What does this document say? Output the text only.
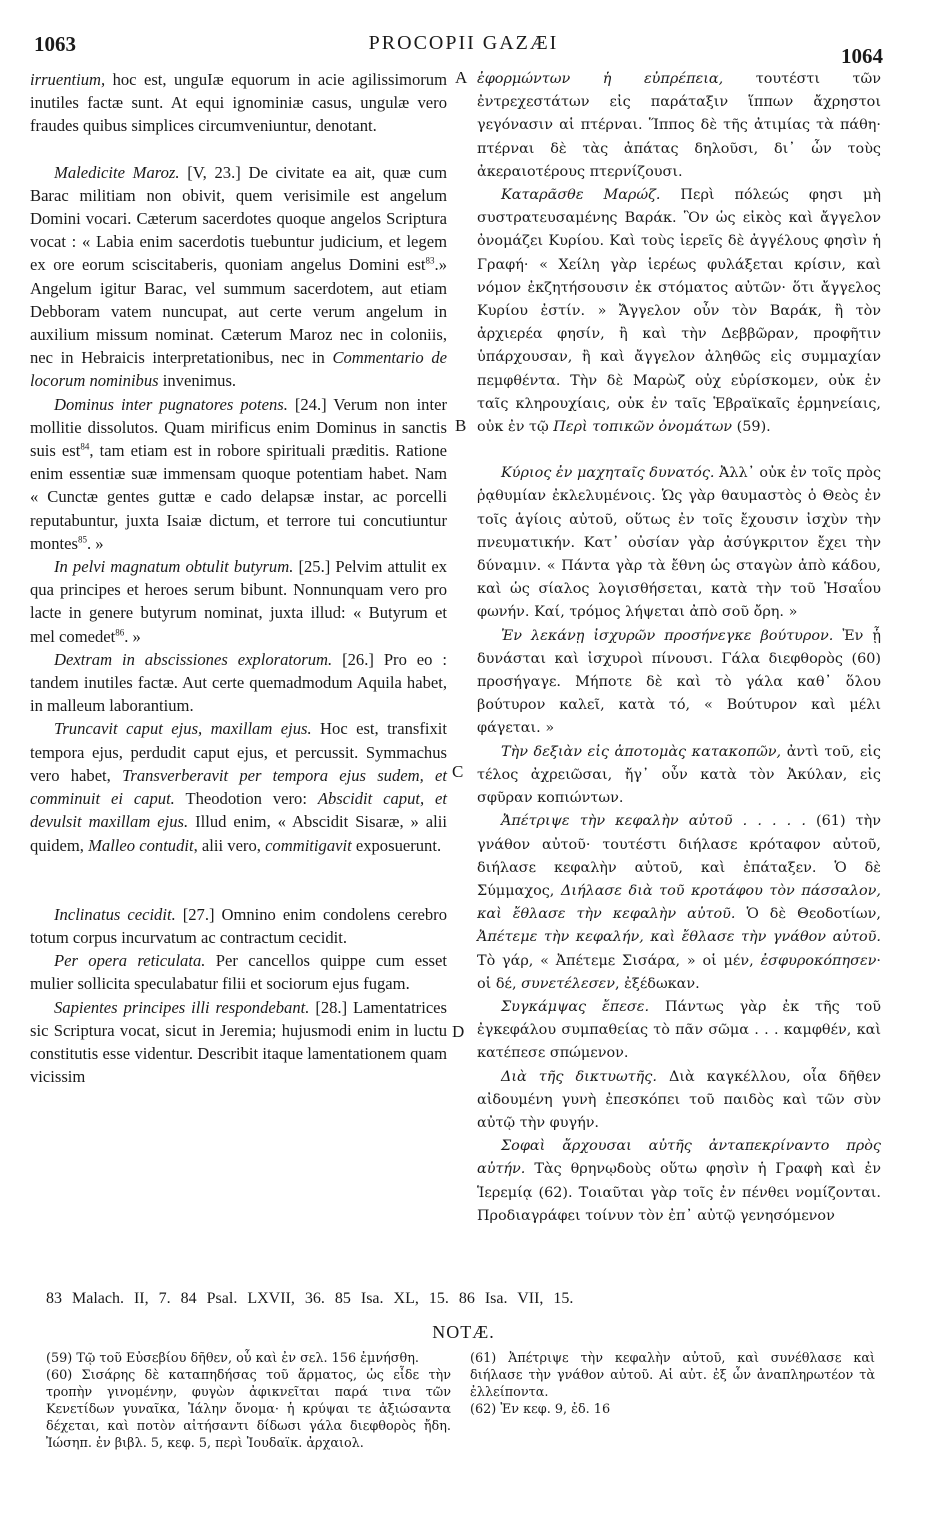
1063	PROCOPII GAZÆI
1064
A
B
C
D

irruentium, hoc est, unguIæ equorum in acie agilissimorum inutiles factæ sunt. At equi ignominiæ casus, ungulæ vero fraudes quibus simplices circumveniuntur, denotant.

Maledicite Maroz. [V, 23.] De civitate ea ait, quæ cum Barac militiam non obivit, quem verisimile est angelum Domini vocari. Cæterum sacerdotes quoque angelos Scriptura vocat : « Labia enim sacerdotis tuebuntur judicium, et legem ex ore eorum sciscitaberis, quoniam angelus Domini est$^{83}$.» Angelum igitur Barac, vel summum sacerdotem, aut etiam Debboram vatem nuncupat, aut certe verum angelum in auxilium missum nominat. Cæterum Maroz nec in coloniis, nec in Hebraicis interpretationibus, nec in Commentario de locorum nominibus invenimus.

Dominus inter pugnatores potens. [24.] Verum non inter mollitie dissolutos. Quam mirificus enim Dominus in sanctis suis est$^{84}$, tam etiam est in robore spirituali præditis. Ratione enim essentiæ suæ immensam quoque potentiam habet. Nam « Cunctæ gentes guttæ e cado delapsæ instar, ac porcelli reputabuntur, juxta Isaiæ dictum, et terrore tui concutiuntur montes$^{85}$. »

In pelvi magnatum obtulit butyrum. [25.] Pelvim attulit ex qua principes et heroes serum bibunt. Nonnunquam vero pro lacte in genere butyrum nominat, juxta illud: « Butyrum et mel comedet$^{86}$. »

Dextram in abscissiones exploratorum. [26.] Pro eo : tandem inutiles factæ. Aut certe quemadmodum Aquila habet, in malleum laborantium.

Truncavit caput ejus, maxillam ejus. Hoc est, transfixit tempora ejus, perdudit caput ejus, et percussit. Symmachus vero habet, Transverberavit per tempora ejus sudem, et comminuit ei caput. Theodotion vero: Abscidit caput, et devulsit maxillam ejus. Illud enim, « Abscidit Sisaræ, » alii quidem, Malleo contudit, alii vero, commitigavit exposuerunt.

Inclinatus cecidit. [27.] Omnino enim condolens cerebro totum corpus incurvatum ac contractum cecidit.

Per opera reticulata. Per cancellos quippe cum esset mulier sollicita speculabatur filii et sociorum ejus fugam.

Sapientes principes illi respondebant. [28.] Lamentatrices sic Scriptura vocat, sicut in Jeremia; hujusmodi enim in luctu constitutis esse videntur. Describit itaque lamentationem quam vicissim

ἐφορμώντων ἡ εὐπρέπεια, τουτέστι τῶν ἐντρεχεστάτων εἰς παράταξιν ἵππων ἄχρηστοι γεγόνασιν αἱ πτέρναι. Ἵππος δὲ τῆς ἀτιμίας τὰ πάθη· πτέρναι δὲ τὰς ἀπάτας δηλοῦσι, δι᾽ ὧν τοὺς ἀκεραιοτέρους πτερνίζουσι.

Καταρᾶσθε Μαρώζ. Περὶ πόλεώς φησι μὴ συστρατευσαμένης Βαράκ. Ὃν ὡς εἰκὸς καὶ ἄγγελον ὀνομάζει Κυρίου. Καὶ τοὺς ἱερεῖς δὲ ἀγγέλους φησὶν ἡ Γραφή· « Χείλη γὰρ ἱερέως φυλάξεται κρίσιν, καὶ νόμον ἐκζητήσουσιν ἐκ στόματος αὐτῶν· ὅτι ἄγγελος Κυρίου ἐστίν. » Ἄγγελον οὖν τὸν Βαράκ, ἢ τὸν ἀρχιερέα φησίν, ἢ καὶ τὴν Δεββῶραν, προφῆτιν ὑπάρχουσαν, ἢ καὶ ἄγγελον ἀληθῶς εἰς συμμαχίαν πεμφθέντα. Τὴν δὲ Μαρὼζ οὐχ εὑρίσκομεν, οὐκ ἐν ταῖς κληρουχίαις, οὐκ ἐν ταῖς Ἑβραϊκαῖς ἑρμηνείαις, οὐκ ἐν τῷ Περὶ τοπικῶν ὀνομάτων (59).

Κύριος ἐν μαχηταῖς δυνατός. Ἀλλ᾽ οὐκ ἐν τοῖς πρὸς ῥᾳθυμίαν ἐκλελυμένοις. Ὡς γὰρ θαυμαστὸς ὁ Θεὸς ἐν τοῖς ἁγίοις αὐτοῦ, οὕτως ἐν τοῖς ἔχουσιν ἰσχὺν τὴν πνευματικήν. Κατ᾽ οὐσίαν γὰρ ἀσύγκριτον ἔχει τὴν δύναμιν. « Πάντα γὰρ τὰ ἔθνη ὡς σταγὼν ἀπὸ κάδου, καὶ ὡς σίαλος λογισθήσεται, κατὰ τὴν τοῦ Ἡσαΐου φωνήν. Καί, τρόμος λήψεται ἀπὸ σοῦ ὄρη. »

Ἐν λεκάνῃ ἰσχυρῶν προσήνεγκε βούτυρον. Ἐν ᾗ δυνάσται καὶ ἰσχυροὶ πίνουσι. Γάλα διεφθορὸς (60) προσήγαγε. Μήποτε δὲ καὶ τὸ γάλα καθ᾽ ὅλου βούτυρον καλεῖ, κατὰ τό, « Βούτυρον καὶ μέλι φάγεται. »

Τὴν δεξιὰν εἰς ἀποτομὰς κατακοπῶν, ἀντὶ τοῦ, εἰς τέλος ἀχρειῶσαι, ἤγ᾽ οὖν κατὰ τὸν Ἀκύλαν, εἰς σφῦραν κοπιώντων.

Ἀπέτριψε τὴν κεφαλὴν αὐτοῦ . . . . . (61) τὴν γνάθον αὐτοῦ· τουτέστι διήλασε κρόταφον αὐτοῦ, διήλασε κεφαλὴν αὐτοῦ, καὶ ἐπάταξεν. Ὁ δὲ Σύμμαχος, Διήλασε διὰ τοῦ κροτάφου τὸν πάσσαλον, καὶ ἔθλασε τὴν κεφαλὴν αὐτοῦ. Ὁ δὲ Θεοδοτίων, Ἀπέτεμε τὴν κεφαλήν, καὶ ἔθλασε τὴν γνάθον αὐτοῦ. Τὸ γάρ, « Ἀπέτεμε Σισάρα, » οἱ μέν, ἐσφυροκόπησεν· οἱ δέ, συνετέλεσεν, ἐξέδωκαν.

Συγκάμψας ἔπεσε. Πάντως γὰρ ἐκ τῆς τοῦ ἐγκεφάλου συμπαθείας τὸ πᾶν σῶμα . . . καμφθέν, καὶ κατέπεσε σπώμενον.

Διὰ τῆς δικτυωτῆς. Διὰ καγκέλλου, οἷα δῆθεν αἰδουμένη γυνὴ ἐπεσκόπει τοῦ παιδὸς καὶ τῶν σὺν αὐτῷ τὴν φυγήν.

Σοφαὶ ἄρχουσαι αὐτῆς ἀνταπεκρίναντο πρὸς αὐτήν. Τὰς θρηνῳδοὺς οὕτω φησὶν ἡ Γραφὴ καὶ ἐν Ἱερεμίᾳ (62). Τοιαῦται γὰρ τοῖς ἐν πένθει νομίζονται. Προδιαγράφει τοίνυν τὸν ἐπ᾽ αὐτῷ γενησόμενον

83 Malach. II, 7. 84 Psal. LXVII, 36. 85 Isa. XL, 15. 86 Isa. VII, 15.
NOTÆ.

(59) Τῷ τοῦ Εὐσεβίου δῆθεν, οὗ καὶ ἐν σελ. 156 ἐμνήσθη.

(60) Σισάρης δὲ καταπηδήσας τοῦ ἅρματος, ὡς εἶδε τὴν τροπὴν γινομένην, φυγὼν ἀφικνεῖται παρά τινα τῶν Κενετίδων γυναῖκα, Ἰάλην ὄνομα· ἡ κρύψαι τε ἀξιώσαντα δέχεται, καὶ ποτὸν αἰτήσαντι δίδωσι γάλα διεφθορὸς ἤδη. Ἰώσηπ. ἐν βιβλ. 5, κεφ. 5, περὶ Ἰουδαϊκ. ἀρχαιολ.

(61) Ἀπέτριψε τὴν κεφαλὴν αὐτοῦ, καὶ συνέθλασε καὶ διήλασε τὴν γνάθον αὐτοῦ. Αἱ αὐτ. ἐξ ὧν ἀναπληρωτέον τὰ ἐλλείποντα.

(62) Ἐν κεφ. 9, ἐδ. 16
